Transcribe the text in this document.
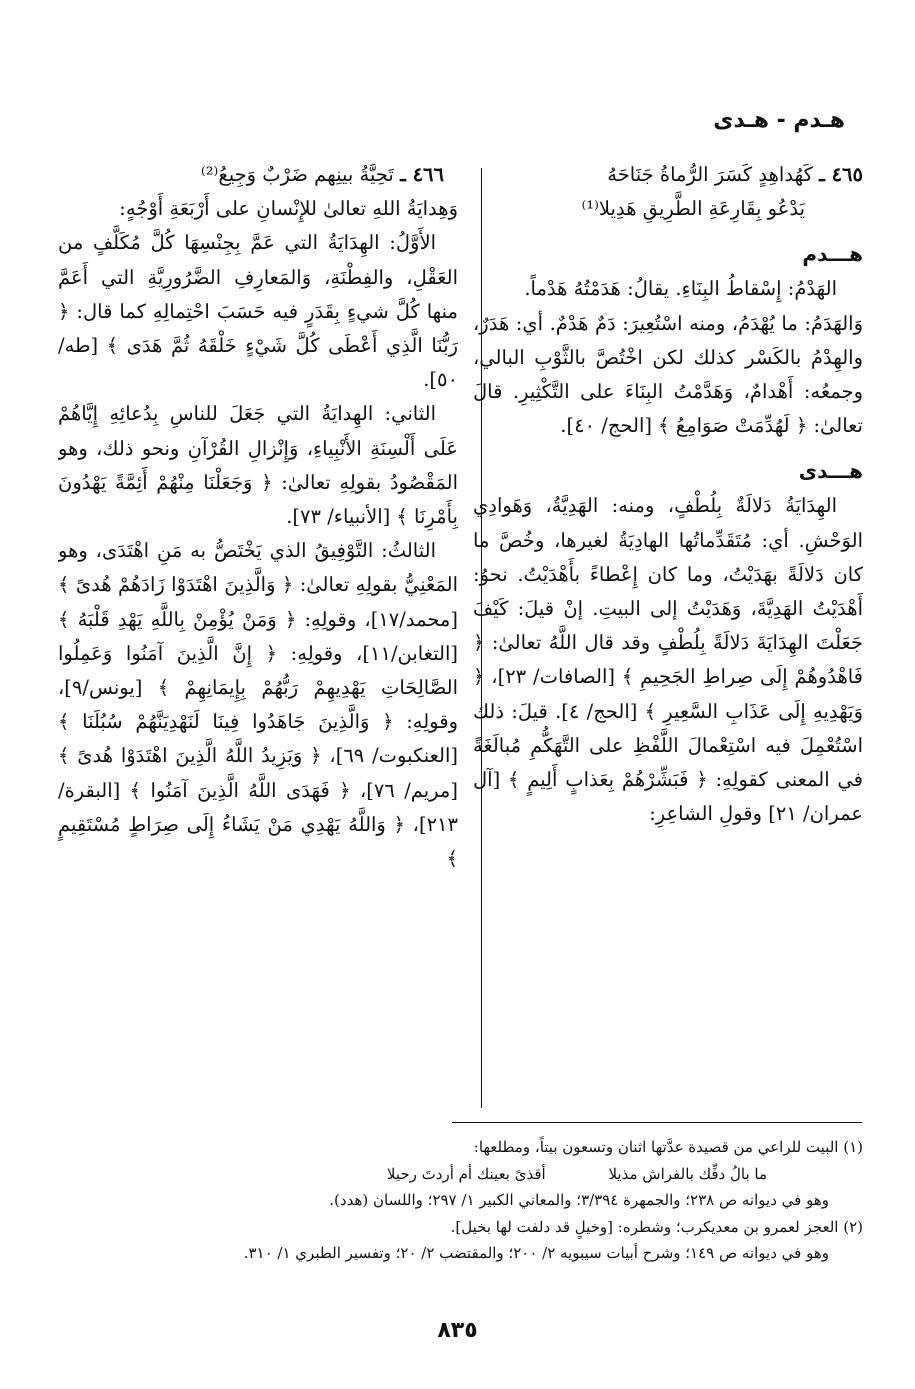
هـدم - هـدى

٤٦٥ ـ كَهُداهِدٍ كَسَرَ الرُّماةُ جَنَاحَهُ
يَدْعُو بِقَارِعَةِ الطَّرِيقِ هَدِيلا⁽¹⁾

هـــدم

الهَدْمُ: إِسْقاطُ البِنَاءِ. يقالُ: هَدَمْتُهُ هَدْماً.

وَالهَدَمُ: ما يُهْدَمُ، ومنه اسْتُعِيرَ: دَمٌ هَدْمٌ. أي: هَدَرٌ، والهِدْمُ بالكَسْر كذلك لكن اخْتُصَّ بالثَّوْبِ البالي، وجمعُه: أَهْدامٌ، وَهَدَّمْتُ البِنَاءَ على التَّكْثِيرِ. قالَ تعالىٰ: ﴿ لَهُدِّمَتْ صَوَامِعُ ﴾ [الحج/ ٤٠].

هـــدى

الهِدَايَةُ دَلالَةٌ بِلُطْفٍ، ومنه: الهَدِيَّةُ، وَهَوادِي الوَحْشِ. أي: مُتَقَدِّماتُها الهادِيَةُ لغيرها، وخُصَّ ما كان دَلالَةً بهَدَيْتُ، وما كان إِعْطاءً بأَهْدَيْتُ. نحوُ: أَهْدَيْتُ الهَدِيَّةَ، وَهَدَيْتُ إلى البيتِ. إنْ قيلَ: كَيْفَ جَعَلْتَ الهِدَايَةَ دَلالَةً بِلُطْفٍ وقد قال اللَّهُ تعالىٰ: ﴿ فَاهْدُوهُمْ إِلَى صِراطِ الجَحِيمِ ﴾ [الصافات/ ٢٣]، ﴿ وَيَهْدِيهِ إِلَى عَذَابِ السَّعِيرِ ﴾ [الحج/ ٤]. قيلَ: ذلك اسْتُعْمِلَ فيه اسْتِعْمالَ اللَّفْظِ على التَّهَكُّمِ مُبالَغَةً في المعنى كقولِهِ: ﴿ فَبَشِّرْهُمْ بِعَذابٍ أَلِيمٍ ﴾ [آل عمران/ ٢١] وقولِ الشاعِرِ:

٤٦٦ ـ تَحِيَّةُ بينِهم ضَرْبٌ وَجِيعُ⁽²⁾

وَهِدايَةُ اللهِ تعالىٰ للإِنْسانِ على أَرْبَعَةِ أَوْجُهٍ:

الأَوَّلُ: الهِدَايَةُ التي عَمَّ بِجِنْسِهَا كُلَّ مُكَلَّفٍ من العَقْلِ، والفِطْنَةِ، وَالمَعارِفِ الضَّرُورِيَّةِ التي أَعَمَّ منها كُلَّ شيءٍ بِقَدَرٍ فيه حَسَبَ احْتِمالِهِ كما قال: ﴿ رَبُّنَا الَّذِي أَعْطَى كُلَّ شَيْءٍ خَلْقَهُ ثُمَّ هَدَى ﴾ [طه/ ٥٠].

الثاني: الهِدايَةُ التي جَعَلَ للناسِ بِدُعائِهِ إِيَّاهُمْ عَلَى أَلْسِنَةِ الأَنْبِياءِ، وَإِنْزالِ القُرْآنِ ونحو ذلك، وهو المَقْصُودُ بقولِهِ تعالىٰ: ﴿ وَجَعَلْنَا مِنْهُمْ أَئِمَّةً يَهْدُونَ بِأَمْرِنَا ﴾ [الأنبياء/ ٧٣].

الثالثُ: التَّوْفِيقُ الذي يَخْتَصُّ به مَنِ اهْتَدَى، وهو المَعْنِيُّ بقولِهِ تعالىٰ: ﴿ وَالَّذِينَ اهْتَدَوْا زَادَهُمْ هُدىً ﴾ [محمد/١٧]، وقولِهِ: ﴿ وَمَنْ يُؤْمِنْ بِاللَّهِ يَهْدِ قَلْبَهُ ﴾ [التغابن/١١]، وقولِهِ: ﴿ إِنَّ الَّذِينَ آمَنُوا وَعَمِلُوا الصَّالِحَاتِ يَهْدِيهِمْ رَبُّهُمْ بِإِيمَانِهِمْ ﴾ [يونس/٩]، وقولِهِ: ﴿ وَالَّذِينَ جَاهَدُوا فِينَا لَنَهْدِيَنَّهُمْ سُبُلَنَا ﴾ [العنكبوت/ ٦٩]، ﴿ وَيَزِيدُ اللَّهُ الَّذِينَ اهْتَدَوْا هُدىً ﴾ [مريم/ ٧٦]، ﴿ فَهَدَى اللَّهُ الَّذِينَ آمَنُوا ﴾ [البقرة/ ٢١٣]، ﴿ وَاللَّهُ يَهْدِي مَنْ يَشَاءُ إِلَى صِرَاطٍ مُسْتَقِيمٍ ﴾

(١) البيت للراعي من قصيدة عدَّتها اثنان وتسعون بيتاً، ومطلعها:

ما بالُ دفِّك بالفراش مذيلا أقذىً بعينك أم أردتَ رحيلا

وهو في ديوانه ص ٢٣٨؛ والجمهرة ٣/٣٩٤؛ والمعاني الكبير ١/ ٢٩٧؛ واللسان (هدد).

(٢) العجز لعمرو بن معديكرب؛ وشطره: [وخيلٍ قد دلفت لها بخيل].

وهو في ديوانه ص ١٤٩؛ وشرح أبيات سيبويه ٢/ ٢٠٠؛ والمقتضب ٢/ ٢٠؛ وتفسير الطبري ١/ ٣١٠.

٨٣٥
